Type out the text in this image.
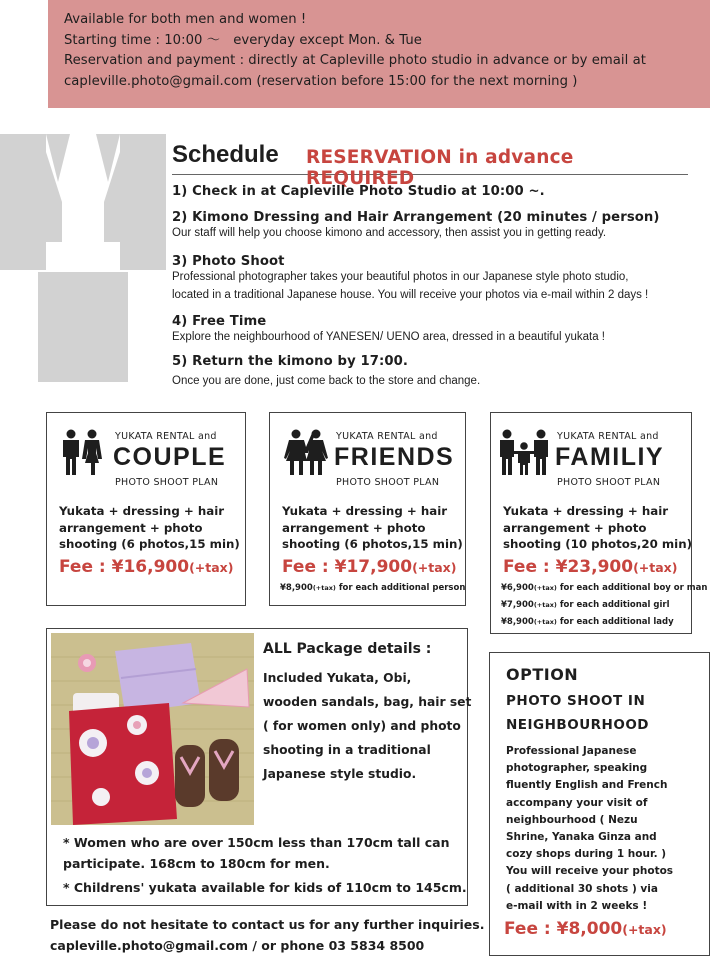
Available for both men and women !

Starting time : 10:00 ～　everyday except Mon. & Tue

Reservation and payment : directly at Capleville photo studio in advance or by email at

capleville.photo@gmail.com (reservation before 15:00 for the next morning )

Schedule RESERVATION in advance REQUIRED
1) Check in at Capleville Photo Studio at 10:00 ~.
2) Kimono Dressing and Hair Arrangement (20 minutes / person)
Our staff will help you choose kimono and accessory, then assist you in getting ready.
3) Photo Shoot
Professional photographer takes your beautiful photos in our Japanese style photo studio,
located in a traditional Japanese house. You will receive your photos via e-mail within 2 days !
4) Free Time
Explore the neighbourhood of YANESEN/ UENO area, dressed in a beautiful yukata !
5) Return the kimono by 17:00.
Once you are done, just come back to the store and change.
YUKATA RENTAL and
COUPLE
PHOTO SHOOT PLAN
Yukata + dressing + hair
arrangement + photo
shooting (6 photos,15 min)
Fee : ¥16,900(+tax)
YUKATA RENTAL and
FRIENDS
PHOTO SHOOT PLAN
Yukata + dressing + hair
arrangement + photo
shooting (6 photos,15 min)
Fee : ¥17,900(+tax)
¥8,900(+tax) for each additional person
YUKATA RENTAL and
FAMILIY
PHOTO SHOOT PLAN
Yukata + dressing + hair
arrangement + photo
shooting (10 photos,20 min)
Fee : ¥23,900(+tax)
¥6,900(+tax) for each additional boy or man
¥7,900(+tax) for each additional girl
¥8,900(+tax) for each additional lady
ALL Package details :
Included Yukata, Obi,
wooden sandals, bag, hair set
( for women only) and photo
shooting in a traditional
Japanese style studio.
* Women who are over 150cm less than 170cm tall can
participate. 168cm to 180cm for men.
* Childrens' yukata available for kids of 110cm to 145cm.
Please do not hesitate to contact us for any further inquiries.
capleville.photo@gmail.com / or phone 03 5834 8500
OPTION
PHOTO SHOOT IN
NEIGHBOURHOOD
Professional Japanese
photographer, speaking
fluently English and French
accompany your visit of
neighbourhood ( Nezu
Shrine, Yanaka Ginza and
cozy shops during 1 hour. )
You will receive your photos
( additional 30 shots ) via
e-mail with in 2 weeks !
Fee : ¥8,000(+tax)
